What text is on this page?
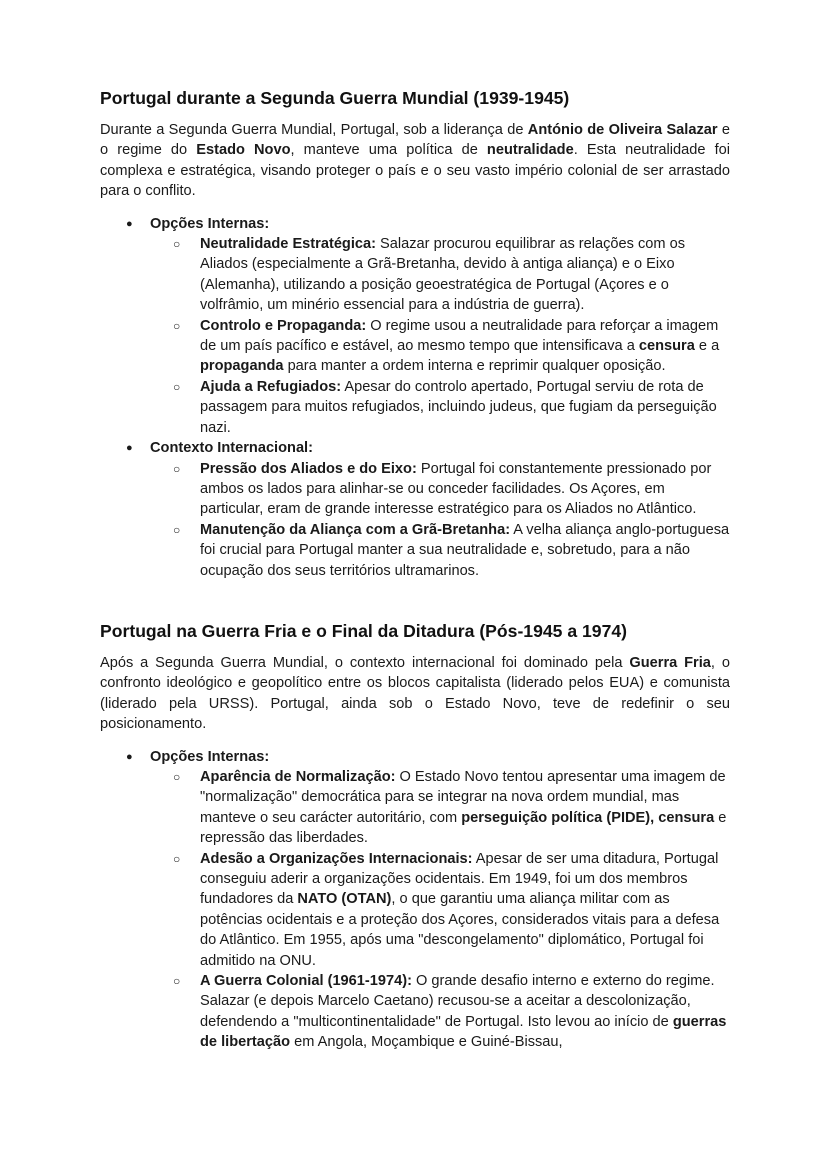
Portugal durante a Segunda Guerra Mundial (1939-1945)

Durante a Segunda Guerra Mundial, Portugal, sob a liderança de António de Oliveira Salazar e o regime do Estado Novo, manteve uma política de neutralidade. Esta neutralidade foi complexa e estratégica, visando proteger o país e o seu vasto império colonial de ser arrastado para o conflito.

● Opções Internas:
○ Neutralidade Estratégica: Salazar procurou equilibrar as relações com os Aliados (especialmente a Grã-Bretanha, devido à antiga aliança) e o Eixo (Alemanha), utilizando a posição geoestratégica de Portugal (Açores e o volfrâmio, um minério essencial para a indústria de guerra).
○ Controlo e Propaganda: O regime usou a neutralidade para reforçar a imagem de um país pacífico e estável, ao mesmo tempo que intensificava a censura e a propaganda para manter a ordem interna e reprimir qualquer oposição.
○ Ajuda a Refugiados: Apesar do controlo apertado, Portugal serviu de rota de passagem para muitos refugiados, incluindo judeus, que fugiam da perseguição nazi.
● Contexto Internacional:
○ Pressão dos Aliados e do Eixo: Portugal foi constantemente pressionado por ambos os lados para alinhar-se ou conceder facilidades. Os Açores, em particular, eram de grande interesse estratégico para os Aliados no Atlântico.
○ Manutenção da Aliança com a Grã-Bretanha: A velha aliança anglo-portuguesa foi crucial para Portugal manter a sua neutralidade e, sobretudo, para a não ocupação dos seus territórios ultramarinos.
Portugal na Guerra Fria e o Final da Ditadura (Pós-1945 a 1974)

Após a Segunda Guerra Mundial, o contexto internacional foi dominado pela Guerra Fria, o confronto ideológico e geopolítico entre os blocos capitalista (liderado pelos EUA) e comunista (liderado pela URSS). Portugal, ainda sob o Estado Novo, teve de redefinir o seu posicionamento.

● Opções Internas:
○ Aparência de Normalização: O Estado Novo tentou apresentar uma imagem de "normalização" democrática para se integrar na nova ordem mundial, mas manteve o seu carácter autoritário, com perseguição política (PIDE), censura e repressão das liberdades.
○ Adesão a Organizações Internacionais: Apesar de ser uma ditadura, Portugal conseguiu aderir a organizações ocidentais. Em 1949, foi um dos membros fundadores da NATO (OTAN), o que garantiu uma aliança militar com as potências ocidentais e a proteção dos Açores, considerados vitais para a defesa do Atlântico. Em 1955, após uma "descongelamento" diplomático, Portugal foi admitido na ONU.
○ A Guerra Colonial (1961-1974): O grande desafio interno e externo do regime. Salazar (e depois Marcelo Caetano) recusou-se a aceitar a descolonização, defendendo a "multicontinentalidade" de Portugal. Isto levou ao início de guerras de libertação em Angola, Moçambique e Guiné-Bissau,
